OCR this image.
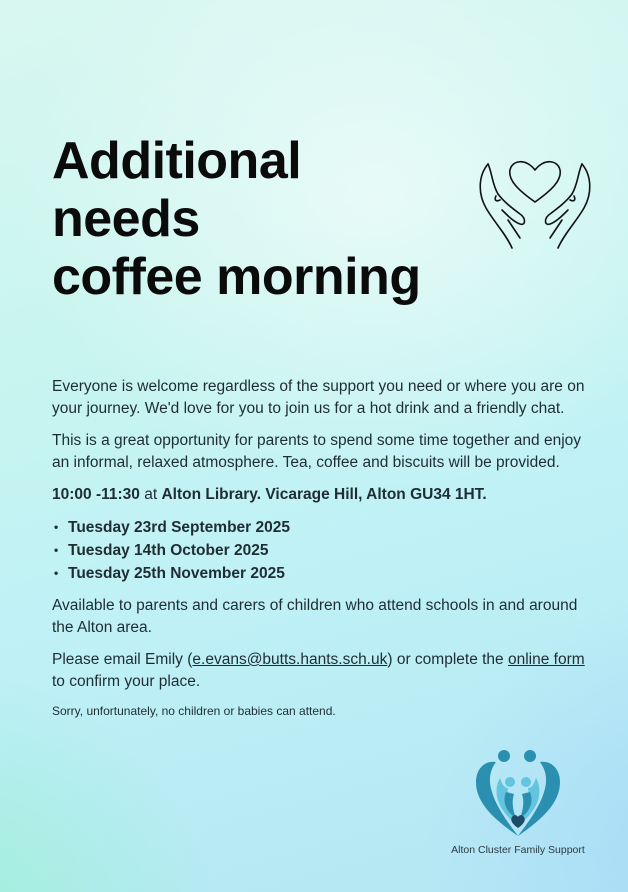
Additional
needs
coffee morning

Everyone is welcome regardless of the support you need or where you are on your journey. We'd love for you to join us for a hot drink and a friendly chat.

This is a great opportunity for parents to spend some time together and enjoy an informal, relaxed atmosphere. Tea, coffee and biscuits will be provided.

10:00 -11:30 at Alton Library. Vicarage Hill, Alton GU34 1HT.

• Tuesday 23rd September 2025
• Tuesday 14th October 2025
• Tuesday 25th November 2025

Available to parents and carers of children who attend schools in and around the Alton area.

Please email Emily (e.evans@butts.hants.sch.uk) or complete the online form to confirm your place.

Sorry, unfortunately, no children or babies can attend.

Alton Cluster Family Support
